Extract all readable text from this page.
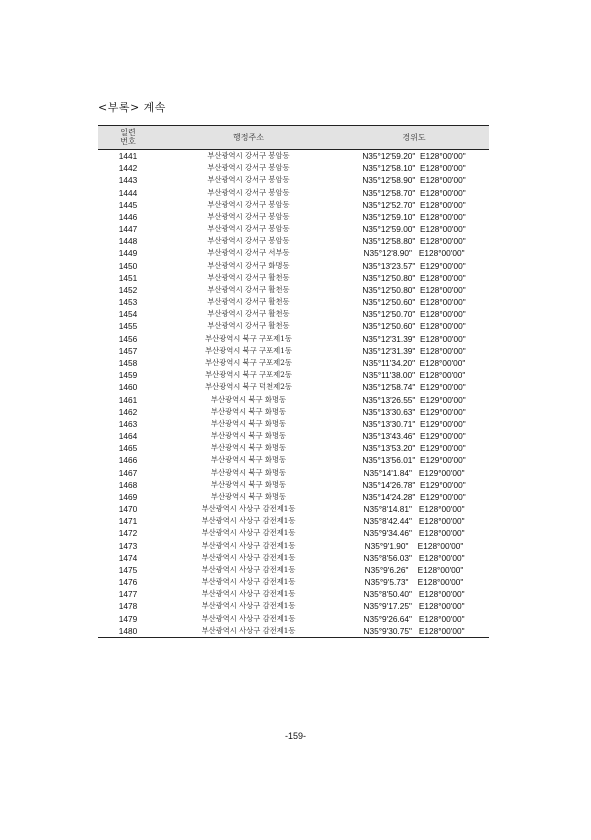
<부록> 계속
일련
번호	행정주소	경위도
1441	부산광역시 강서구 봉암동	N35°12'59.20"  E128°00'00"
1442	부산광역시 강서구 봉암동	N35°12'58.10"  E128°00'00"
1443	부산광역시 강서구 봉암동	N35°12'58.90"  E128°00'00"
1444	부산광역시 강서구 봉암동	N35°12'58.70"  E128°00'00"
1445	부산광역시 강서구 봉암동	N35°12'52.70"  E128°00'00"
1446	부산광역시 강서구 봉암동	N35°12'59.10"  E128°00'00"
1447	부산광역시 강서구 봉암동	N35°12'59.00"  E128°00'00"
1448	부산광역시 강서구 봉암동	N35°12'58.80"  E128°00'00"
1449	부산광역시 강서구 서부동	N35°12'8.90"   E128°00'00"
1450	부산광역시 강서구 화명동	N35°13'23.57"  E129°00'00"
1451	부산광역시 강서구 활천동	N35°12'50.80"  E128°00'00"
1452	부산광역시 강서구 활천동	N35°12'50.80"  E128°00'00"
1453	부산광역시 강서구 활천동	N35°12'50.60"  E128°00'00"
1454	부산광역시 강서구 활천동	N35°12'50.70"  E128°00'00"
1455	부산광역시 강서구 활천동	N35°12'50.60"  E128°00'00"
1456	부산광역시 북구 구포제1동	N35°12'31.39"  E128°00'00"
1457	부산광역시 북구 구포제1동	N35°12'31.39"  E128°00'00"
1458	부산광역시 북구 구포제2동	N35°11'34.20"  E128°00'00"
1459	부산광역시 북구 구포제2동	N35°11'38.00"  E128°00'00"
1460	부산광역시 북구 덕천제2동	N35°12'58.74"  E129°00'00"
1461	부산광역시 북구 화명동	N35°13'26.55"  E129°00'00"
1462	부산광역시 북구 화명동	N35°13'30.63"  E129°00'00"
1463	부산광역시 북구 화명동	N35°13'30.71"  E129°00'00"
1464	부산광역시 북구 화명동	N35°13'43.46"  E129°00'00"
1465	부산광역시 북구 화명동	N35°13'53.20"  E129°00'00"
1466	부산광역시 북구 화명동	N35°13'56.01"  E129°00'00"
1467	부산광역시 북구 화명동	N35°14'1.84"   E129°00'00"
1468	부산광역시 북구 화명동	N35°14'26.78"  E129°00'00"
1469	부산광역시 북구 화명동	N35°14'24.28"  E129°00'00"
1470	부산광역시 사상구 감전제1동	N35°8'14.81"   E128°00'00"
1471	부산광역시 사상구 감전제1동	N35°8'42.44"   E128°00'00"
1472	부산광역시 사상구 감전제1동	N35°9'34.46"   E128°00'00"
1473	부산광역시 사상구 감전제1동	N35°9'1.90"    E128°00'00"
1474	부산광역시 사상구 감전제1동	N35°8'56.03"   E128°00'00"
1475	부산광역시 사상구 감전제1동	N35°9'6.26"    E128°00'00"
1476	부산광역시 사상구 감전제1동	N35°9'5.73"    E128°00'00"
1477	부산광역시 사상구 감전제1동	N35°8'50.40"   E128°00'00"
1478	부산광역시 사상구 감전제1동	N35°9'17.25"   E128°00'00"
1479	부산광역시 사상구 감전제1동	N35°9'26.64"   E128°00'00"
1480	부산광역시 사상구 감전제1동	N35°9'30.75"   E128°00'00"
-159-
